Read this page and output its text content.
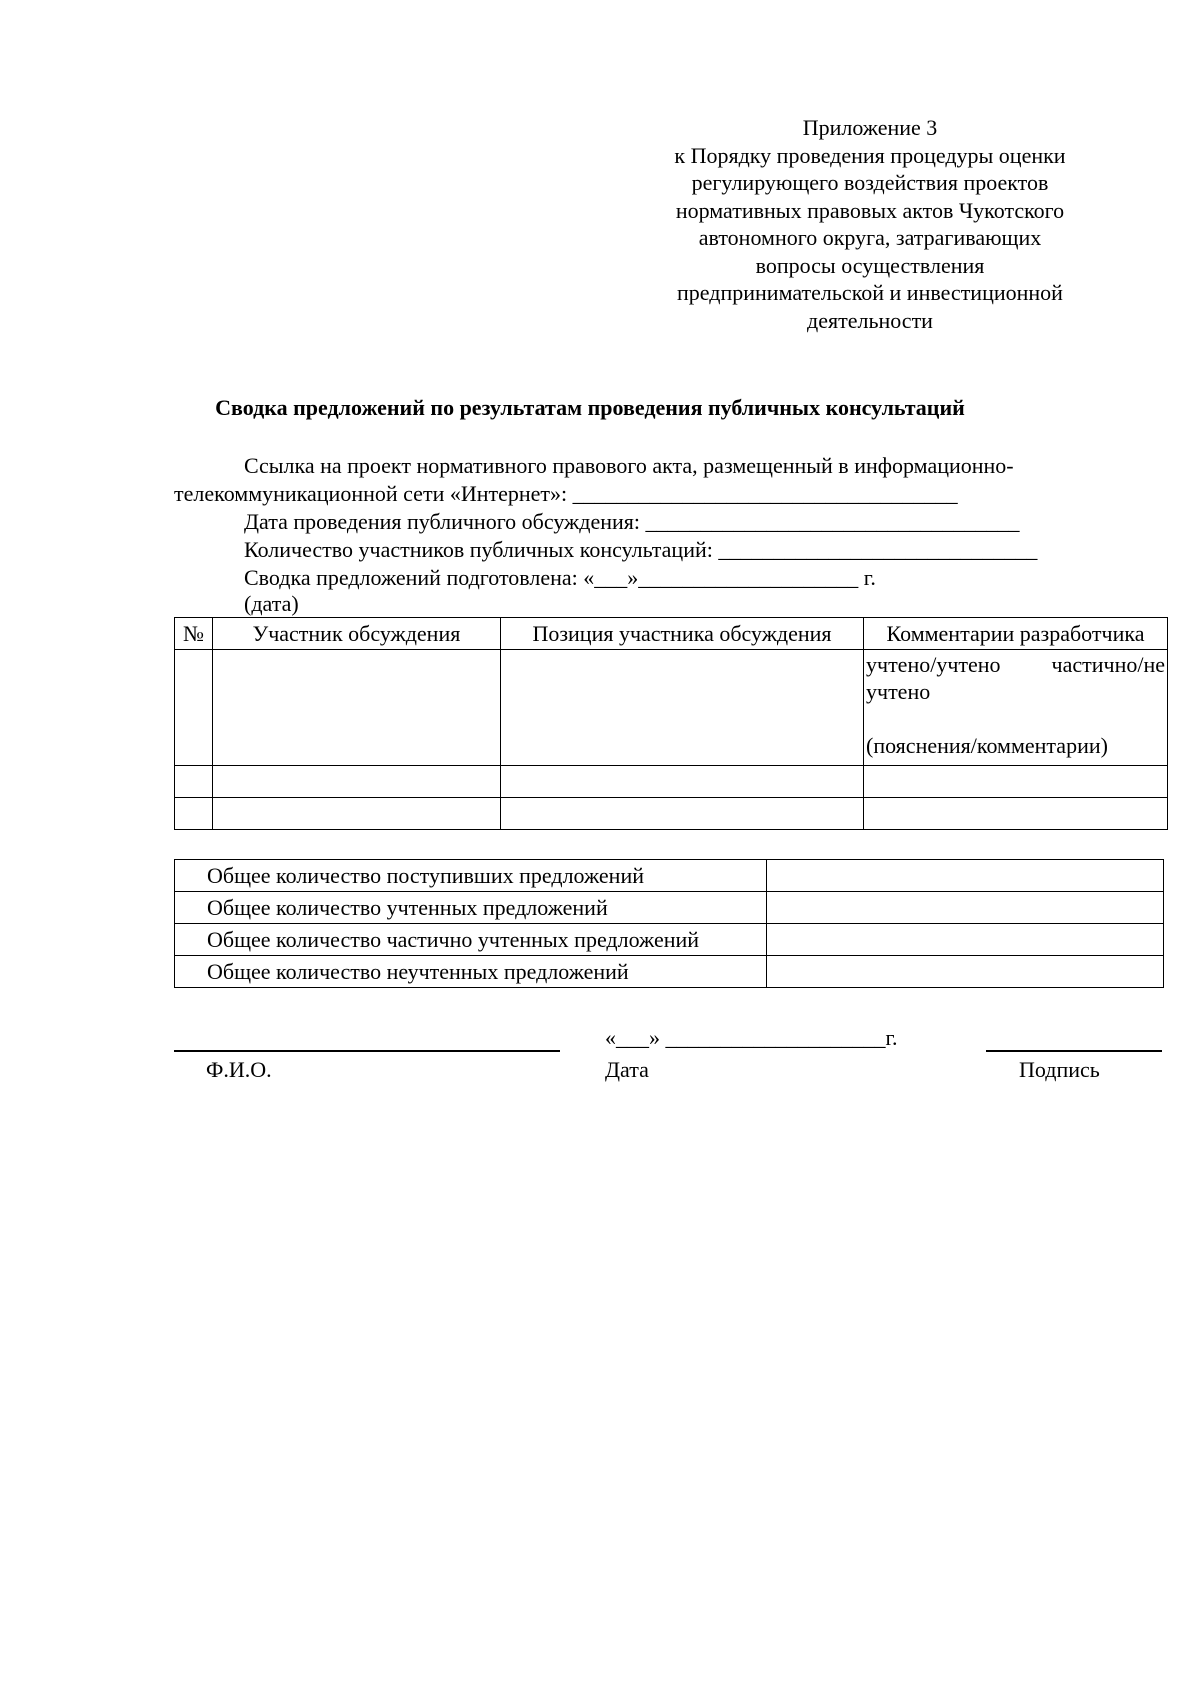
Приложение 3
к Порядку проведения процедуры оценки
регулирующего воздействия проектов
нормативных правовых актов Чукотского
автономного округа, затрагивающих
вопросы осуществления
предпринимательской и инвестиционной
деятельности
Сводка предложений по результатам проведения публичных консультаций
Ссылка на проект нормативного правового акта, размещенный в информационно-
телекоммуникационной сети «Интернет»: ___________________________________
Дата проведения публичного обсуждения: __________________________________
Количество участников публичных консультаций: _____________________________
Сводка предложений подготовлена: «___»____________________ г.
(дата)
№	Участник обсуждения	Позиция участника обсуждения	Комментарии разработчика

			учтено/учтено частично/не учтено
(пояснения/комментарии)

Общее количество поступивших предложений	
Общее количество учтенных предложений	
Общее количество частично учтенных предложений	
Общее количество неучтенных предложений	
«___» ____________________г.
Ф.И.О.	Дата	Подпись
